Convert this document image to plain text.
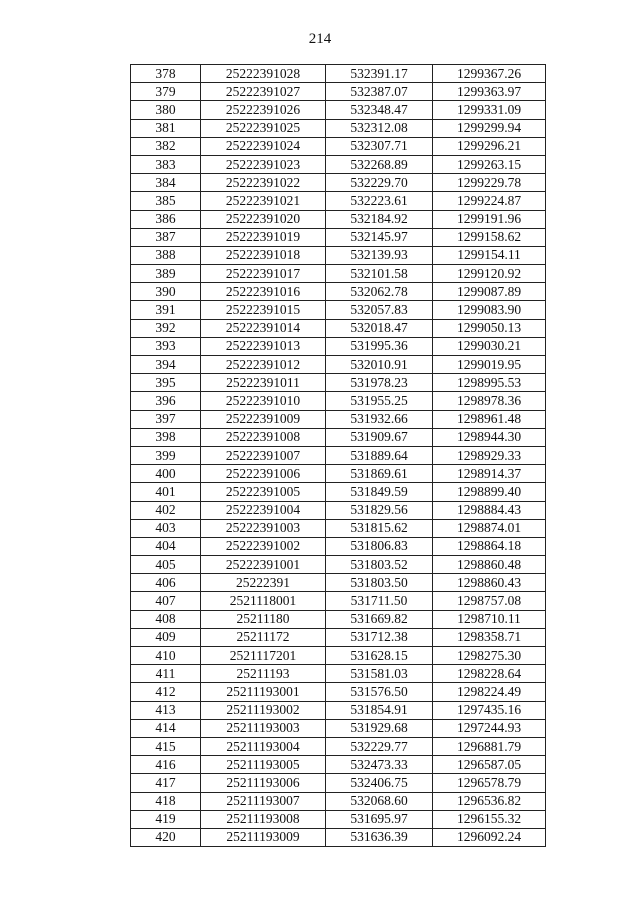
214
378	25222391028	532391.17	1299367.26
379	25222391027	532387.07	1299363.97
380	25222391026	532348.47	1299331.09
381	25222391025	532312.08	1299299.94
382	25222391024	532307.71	1299296.21
383	25222391023	532268.89	1299263.15
384	25222391022	532229.70	1299229.78
385	25222391021	532223.61	1299224.87
386	25222391020	532184.92	1299191.96
387	25222391019	532145.97	1299158.62
388	25222391018	532139.93	1299154.11
389	25222391017	532101.58	1299120.92
390	25222391016	532062.78	1299087.89
391	25222391015	532057.83	1299083.90
392	25222391014	532018.47	1299050.13
393	25222391013	531995.36	1299030.21
394	25222391012	532010.91	1299019.95
395	25222391011	531978.23	1298995.53
396	25222391010	531955.25	1298978.36
397	25222391009	531932.66	1298961.48
398	25222391008	531909.67	1298944.30
399	25222391007	531889.64	1298929.33
400	25222391006	531869.61	1298914.37
401	25222391005	531849.59	1298899.40
402	25222391004	531829.56	1298884.43
403	25222391003	531815.62	1298874.01
404	25222391002	531806.83	1298864.18
405	25222391001	531803.52	1298860.48
406	25222391	531803.50	1298860.43
407	2521118001	531711.50	1298757.08
408	25211180	531669.82	1298710.11
409	25211172	531712.38	1298358.71
410	2521117201	531628.15	1298275.30
411	25211193	531581.03	1298228.64
412	25211193001	531576.50	1298224.49
413	25211193002	531854.91	1297435.16
414	25211193003	531929.68	1297244.93
415	25211193004	532229.77	1296881.79
416	25211193005	532473.33	1296587.05
417	25211193006	532406.75	1296578.79
418	25211193007	532068.60	1296536.82
419	25211193008	531695.97	1296155.32
420	25211193009	531636.39	1296092.24
